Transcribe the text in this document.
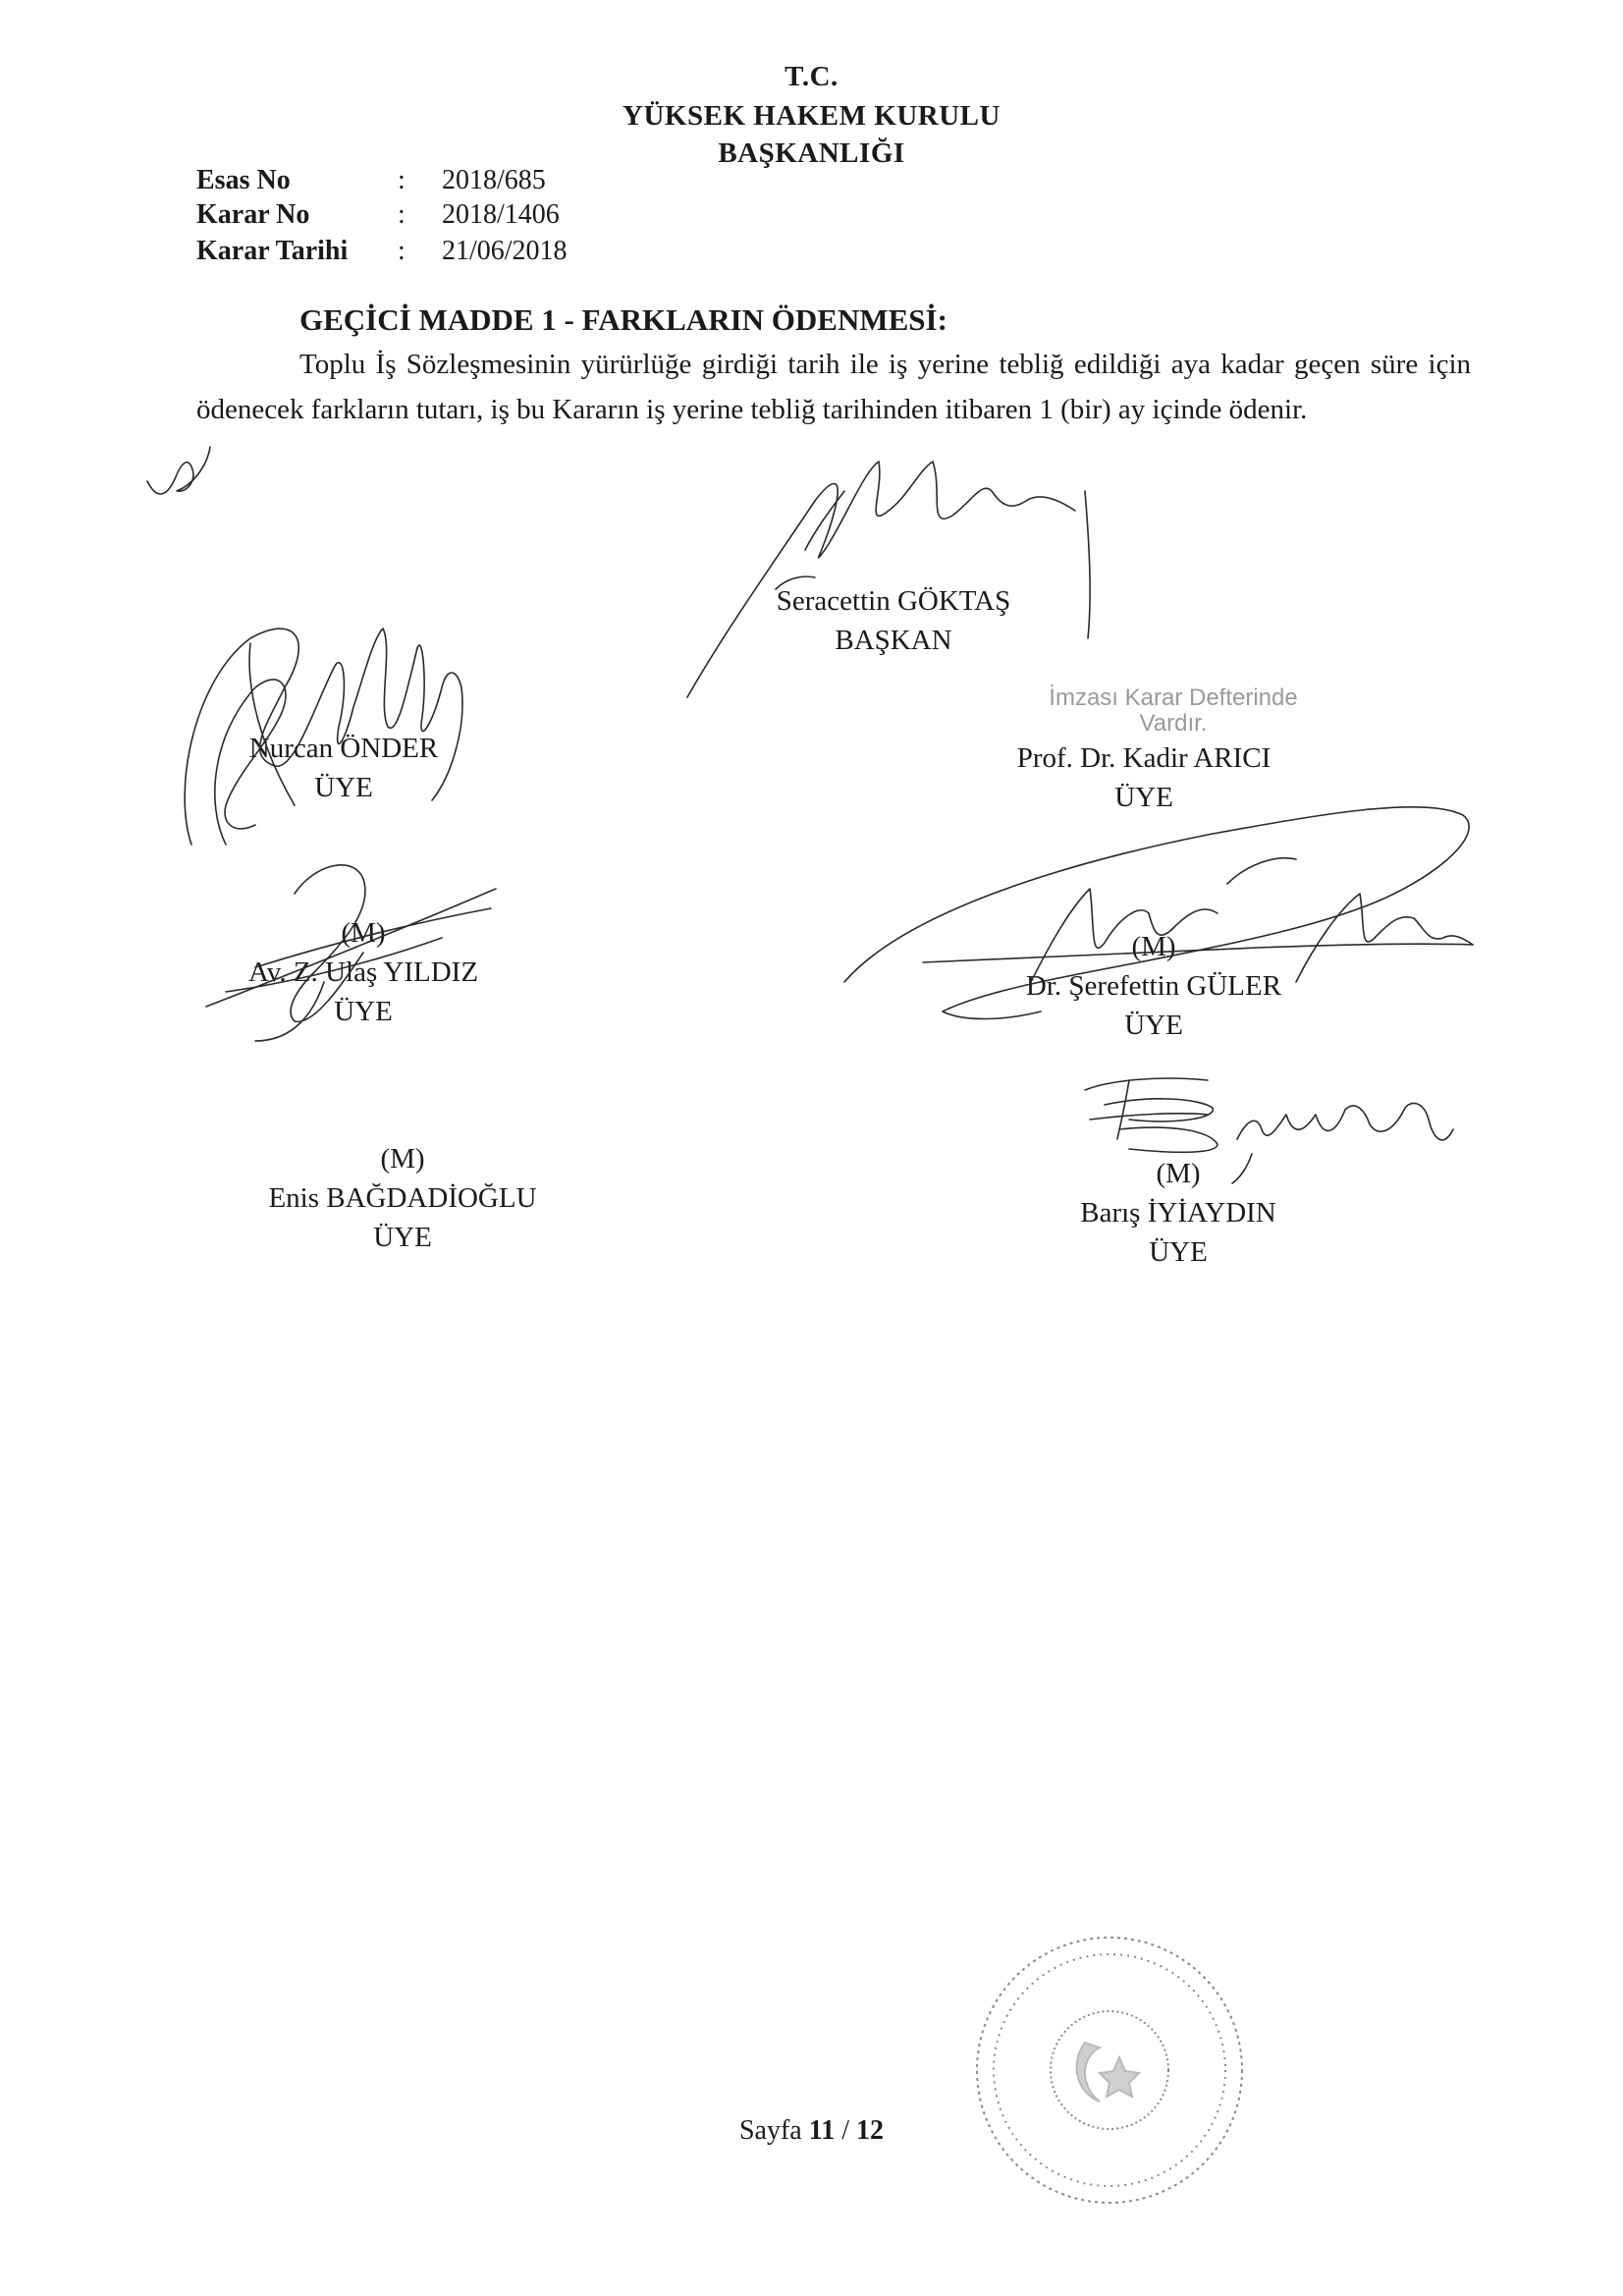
T.C.
YÜKSEK HAKEM KURULU
BAŞKANLIĞI
Esas No	:	2018/685
Karar No	:	2018/1406
Karar Tarihi	:	21/06/2018
GEÇİCİ MADDE 1 - FARKLARIN ÖDENMESİ:
Toplu İş Sözleşmesinin yürürlüğe girdiği tarih ile iş yerine tebliğ edildiği aya kadar geçen süre için ödenecek farkların tutarı, iş bu Kararın iş yerine tebliğ tarihinden itibaren 1 (bir) ay içinde ödenir.
Seracettin GÖKTAŞ
BAŞKAN
Nurcan ÖNDER
ÜYE
İmzası Karar Defterinde Vardır.
Prof. Dr. Kadir ARICI
ÜYE
(M)
Av. Z. Ulaş YILDIZ
ÜYE
(M)
Dr. Şerefettin GÜLER
ÜYE
(M)
Enis BAĞDADİOĞLU
ÜYE
(M)
Barış İYİAYDIN
ÜYE
Sayfa 11 / 12
